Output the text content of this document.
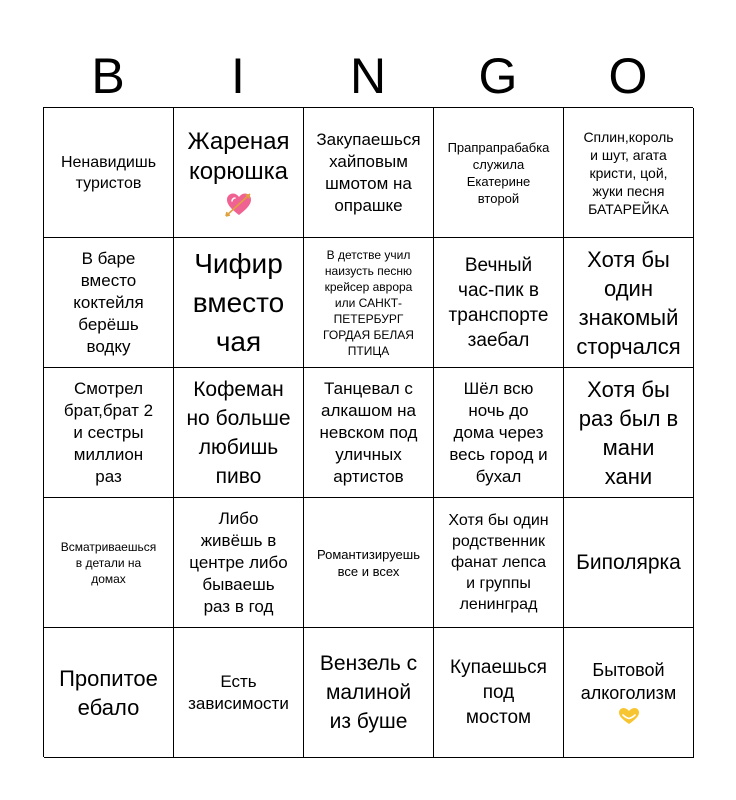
B	I	N	G	O
Ненавидишь
туристов
Жареная
корюшка
Закупаешься
хайповым
шмотом на
опрашке
Прапрапрабабка
служила
Екатерине
второй
Сплин,король
и шут, агата
кристи, цой,
жуки песня
БАТАРЕЙКА
В баре
вместо
коктейля
берёшь
водку
Чифир
вместо
чая
В детстве учил
наизусть песню
крейсер аврора
или САНКТ-
ПЕТЕРБУРГ
ГОРДАЯ БЕЛАЯ
ПТИЦА
Вечный
час-пик в
транспорте
заебал
Хотя бы
один
знакомый
сторчался
Смотрел
брат,брат 2
и сестры
миллион
раз
Кофеман
но больше
любишь
пиво
Танцевал с
алкашом на
невском под
уличных
артистов
Шёл всю
ночь до
дома через
весь город и
бухал
Хотя бы
раз был в
мани
хани
Всматриваешься
в детали на
домах
Либо
живёшь в
центре либо
бываешь
раз в год
Романтизируешь
все и всех
Хотя бы один
родственник
фанат лепса
и группы
ленинград
Биполярка
Пропитое
ебало
Есть
зависимости
Вензель с
малиной
из буше
Купаешься
под
мостом
Бытовой
алкоголизм
